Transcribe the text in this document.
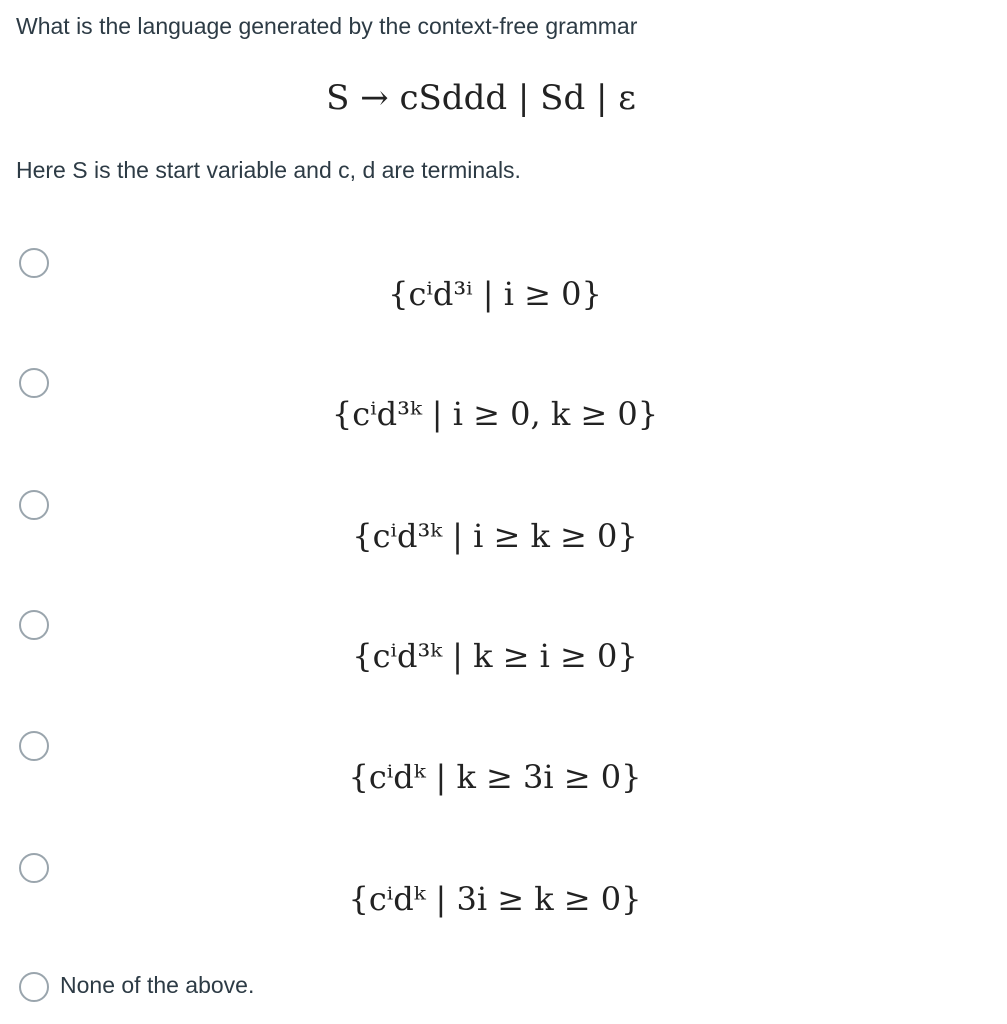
What is the language generated by the context-free grammar
S → cSddd | Sd | ε
Here S is the start variable and c, d are terminals.
{cⁱd³ⁱ | i ≥ 0}
{cⁱd³ᵏ | i ≥ 0, k ≥ 0}
{cⁱd³ᵏ | i ≥ k ≥ 0}
{cⁱd³ᵏ | k ≥ i ≥ 0}
{cⁱdᵏ | k ≥ 3i ≥ 0}
{cⁱdᵏ | 3i ≥ k ≥ 0}
None of the above.
